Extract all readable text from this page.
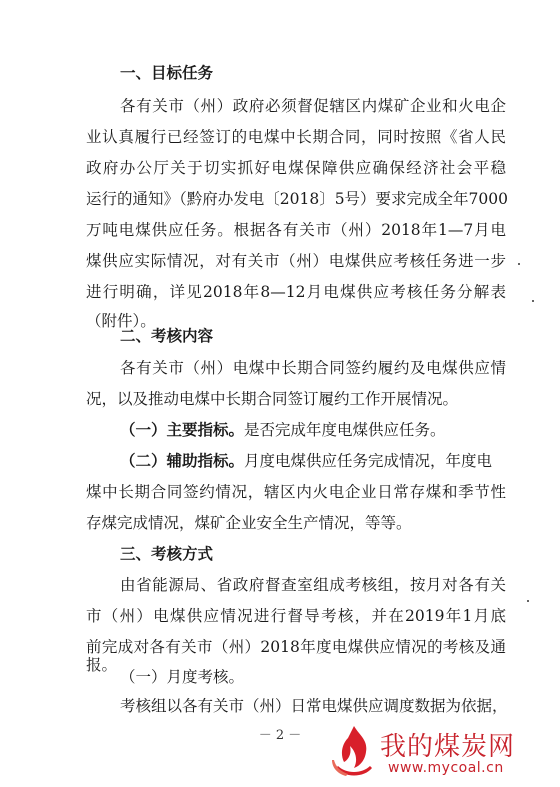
一、目标任务
各有关市（州）政府必须督促辖区内煤矿企业和火电企
业认真履行已经签订的电煤中长期合同，同时按照《省人民
政府办公厅关于切实抓好电煤保障供应确保经济社会平稳
运行的通知》（黔府办发电〔2018〕5号）要求完成全年7000
万吨电煤供应任务。根据各有关市（州）2018年1—7月电
煤供应实际情况，对有关市（州）电煤供应考核任务进一步
进行明确，详见2018年8—12月电煤供应考核任务分解表
（附件）。
二、考核内容
各有关市（州）电煤中长期合同签约履约及电煤供应情
况，以及推动电煤中长期合同签订履约工作开展情况。
（一）主要指标。是否完成年度电煤供应任务。
（二）辅助指标。月度电煤供应任务完成情况，年度电
煤中长期合同签约情况，辖区内火电企业日常存煤和季节性
存煤完成情况，煤矿企业安全生产情况，等等。
三、考核方式
由省能源局、省政府督查室组成考核组，按月对各有关
市（州）电煤供应情况进行督导考核，并在2019年1月底
前完成对各有关市（州）2018年度电煤供应情况的考核及通
报。
（一）月度考核。
考核组以各有关市（州）日常电煤供应调度数据为依据，
－ 2 －	我的煤炭网
www.mycoal.cn
